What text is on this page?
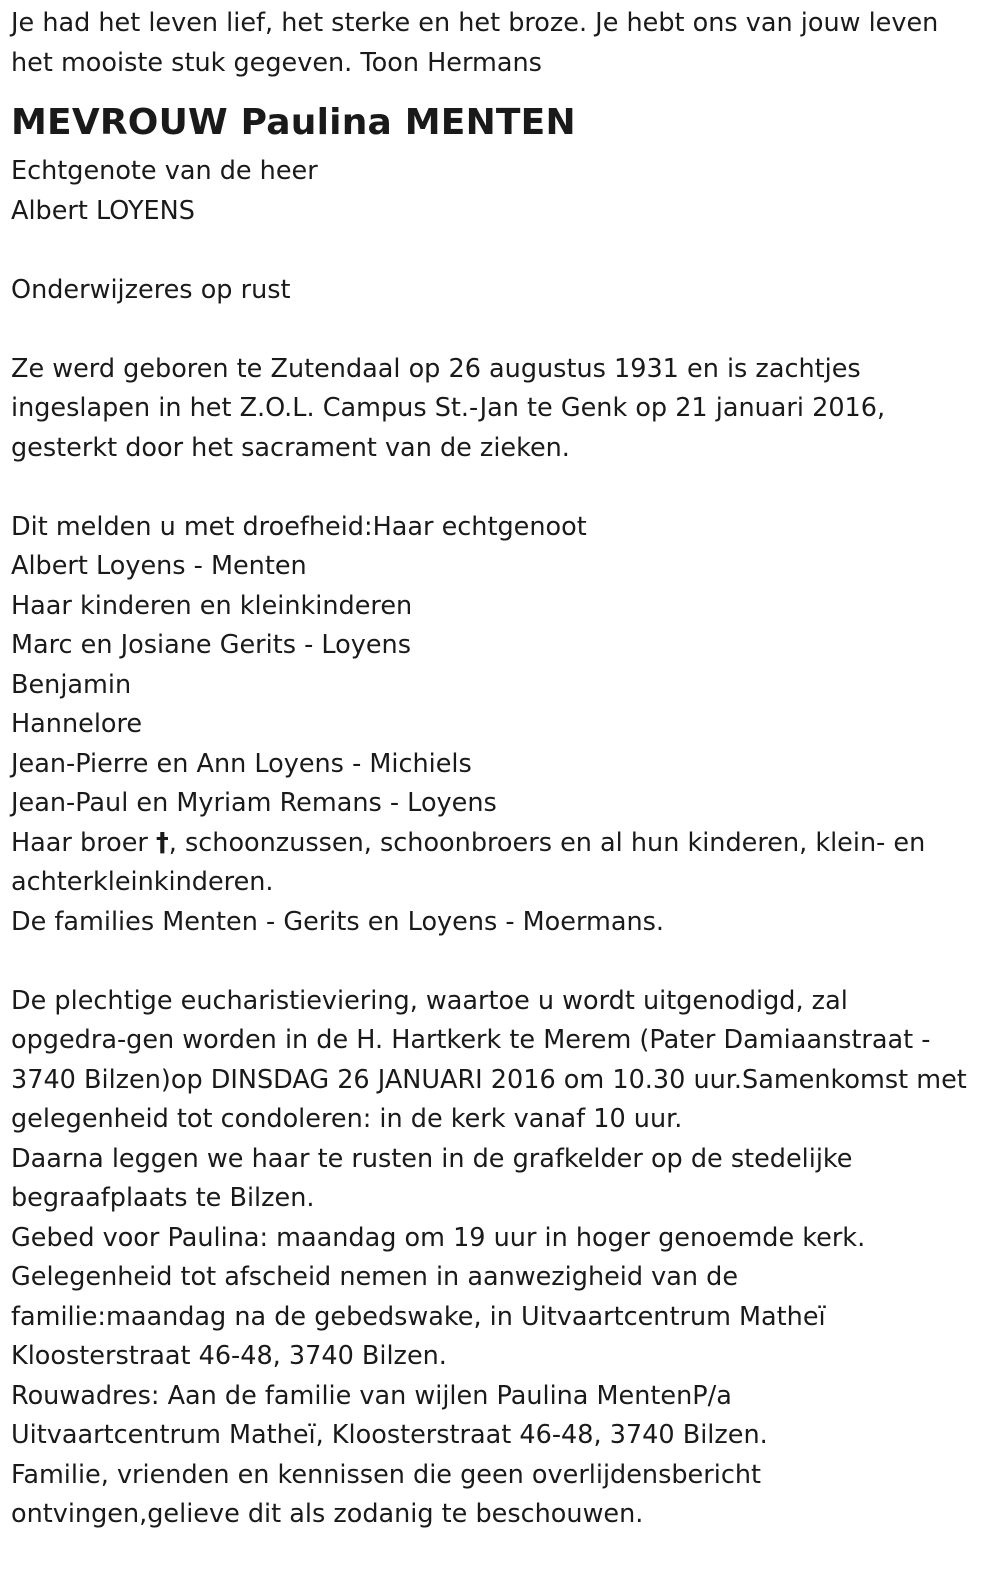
Je had het leven lief, het sterke en het broze. Je hebt ons van jouw leven

het mooiste stuk gegeven. Toon Hermans

MEVROUW Paulina MENTEN

Echtgenote van de heer

Albert LOYENS

Onderwijzeres op rust

Ze werd geboren te Zutendaal op 26 augustus 1931 en is zachtjes

ingeslapen in het Z.O.L. Campus St.-Jan te Genk op 21 januari 2016,

gesterkt door het sacrament van de zieken.

Dit melden u met droefheid:Haar echtgenoot

Albert Loyens - Menten

Haar kinderen en kleinkinderen

Marc en Josiane Gerits - Loyens

Benjamin

Hannelore

Jean-Pierre en Ann Loyens - Michiels

Jean-Paul en Myriam Remans - Loyens

Haar broer †, schoonzussen, schoonbroers en al hun kinderen, klein- en

achterkleinkinderen.

De families Menten - Gerits en Loyens - Moermans.

De plechtige eucharistieviering, waartoe u wordt uitgenodigd, zal

opgedra-gen worden in de H. Hartkerk te Merem (Pater Damiaanstraat -

3740 Bilzen)op DINSDAG 26 JANUARI 2016 om 10.30 uur.Samenkomst met

gelegenheid tot condoleren: in de kerk vanaf 10 uur.

Daarna leggen we haar te rusten in de grafkelder op de stedelijke

begraafplaats te Bilzen.

Gebed voor Paulina: maandag om 19 uur in hoger genoemde kerk.

Gelegenheid tot afscheid nemen in aanwezigheid van de

familie:maandag na de gebedswake, in Uitvaartcentrum Matheï

Kloosterstraat 46-48, 3740 Bilzen.

Rouwadres: Aan de familie van wijlen Paulina MentenP/a

Uitvaartcentrum Matheï, Kloosterstraat 46-48, 3740 Bilzen.

Familie, vrienden en kennissen die geen overlijdensbericht

ontvingen,gelieve dit als zodanig te beschouwen.
